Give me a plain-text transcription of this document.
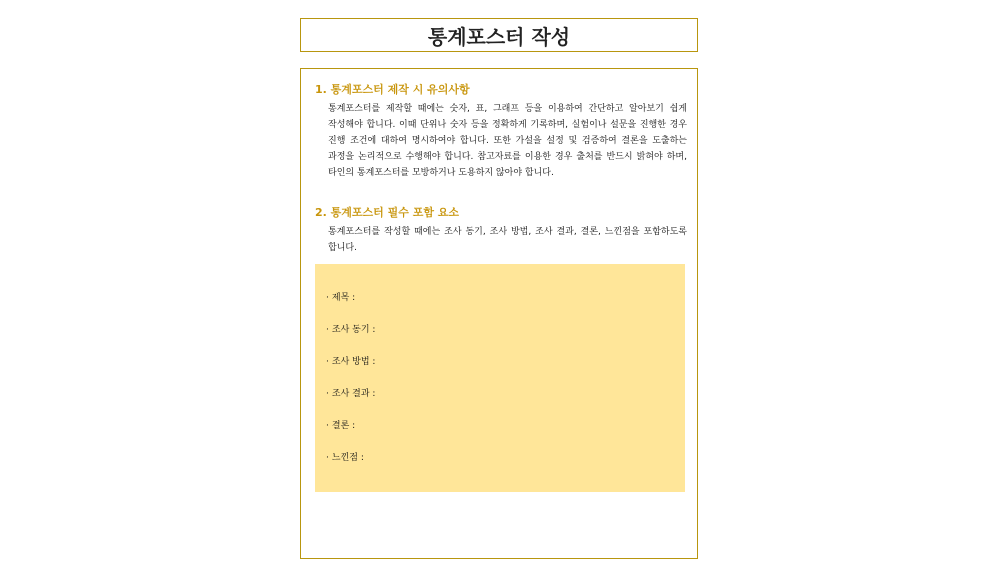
통계포스터 작성

1. 통계포스터 제작 시 유의사항

통계포스터를 제작할 때에는 숫자, 표, 그래프 등을 이용하여 간단하고 알아보기 쉽게 작성해야 합니다. 이때 단위나 숫자 등을 정확하게 기록하며, 실험이나 설문을 진행한 경우 진행 조건에 대하여 명시하여야 합니다. 또한 가설을 설정 및 검증하여 결론을 도출하는 과정을 논리적으로 수행해야 합니다. 참고자료를 이용한 경우 출처를 반드시 밝혀야 하며, 타인의 통계포스터를 모방하거나 도용하지 않아야 합니다.

2. 통계포스터 필수 포함 요소

통계포스터를 작성할 때에는 조사 동기, 조사 방법, 조사 결과, 결론, 느낀점을 포함하도록 합니다.

· 제목 :
· 조사 동기 :
· 조사 방법 :
· 조사 결과 :
· 결론 :
· 느낀점 :
